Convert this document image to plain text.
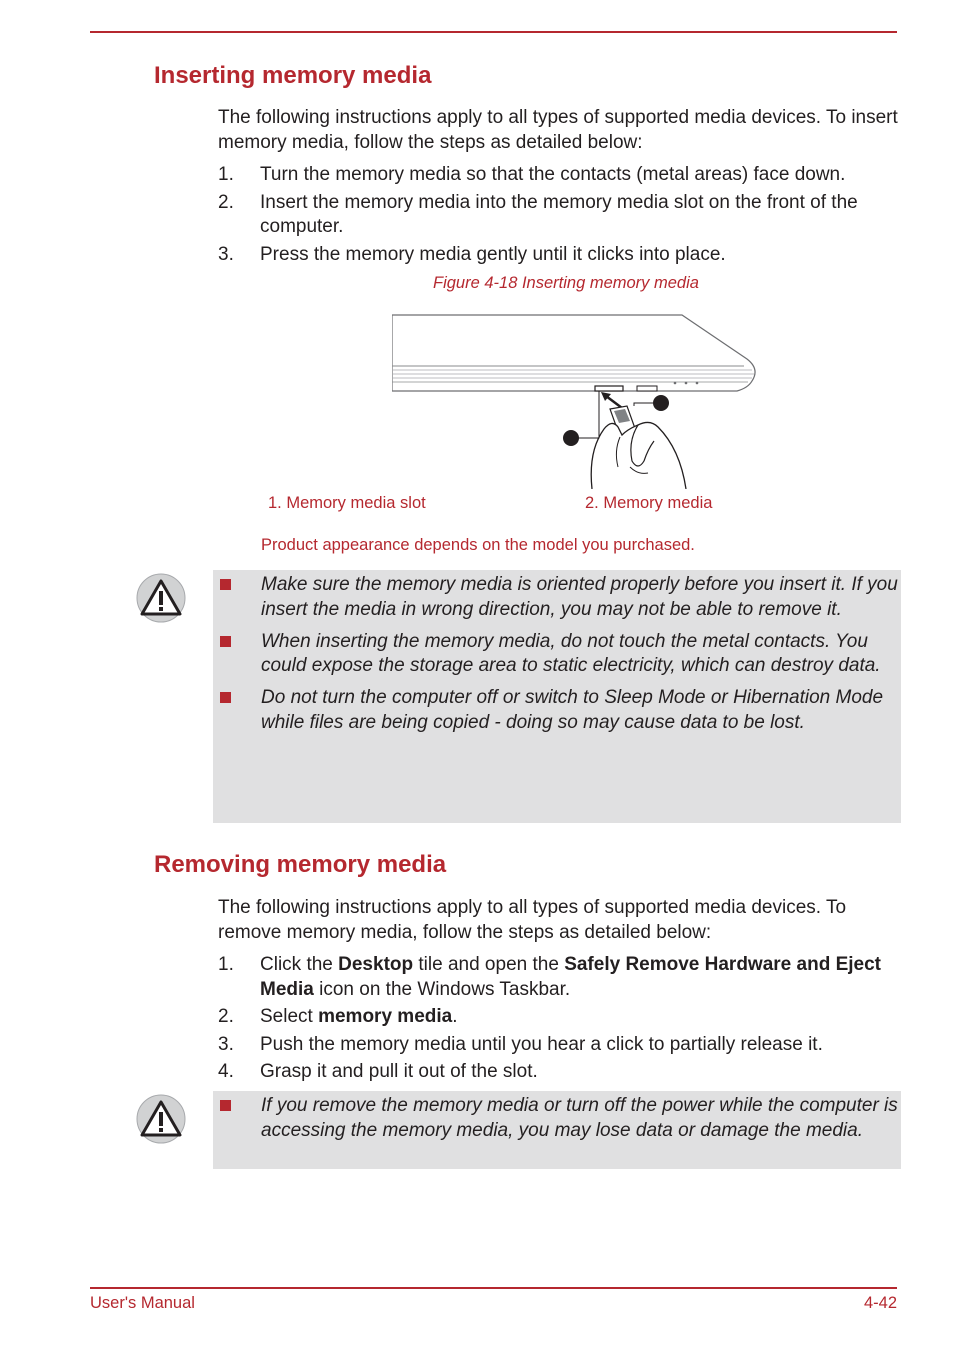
Inserting memory media

The following instructions apply to all types of supported media devices. To insert memory media, follow the steps as detailed below:

1. Turn the memory media so that the contacts (metal areas) face down.
2. Insert the memory media into the memory media slot on the front of the computer.
3. Press the memory media gently until it clicks into place.
Figure 4-18 Inserting memory media
1. Memory media slot	2. Memory media
Product appearance depends on the model you purchased.
Make sure the memory media is oriented properly before you insert it. If you insert the media in wrong direction, you may not be able to remove it.
When inserting the memory media, do not touch the metal contacts. You could expose the storage area to static electricity, which can destroy data.
Do not turn the computer off or switch to Sleep Mode or Hibernation Mode while files are being copied - doing so may cause data to be lost.
Removing memory media

The following instructions apply to all types of supported media devices. To remove memory media, follow the steps as detailed below:

1. Click the Desktop tile and open the Safely Remove Hardware and Eject Media icon on the Windows Taskbar.
2. Select memory media.
3. Push the memory media until you hear a click to partially release it.
4. Grasp it and pull it out of the slot.
If you remove the memory media or turn off the power while the computer is accessing the memory media, you may lose data or damage the media.
User's Manual	4-42
